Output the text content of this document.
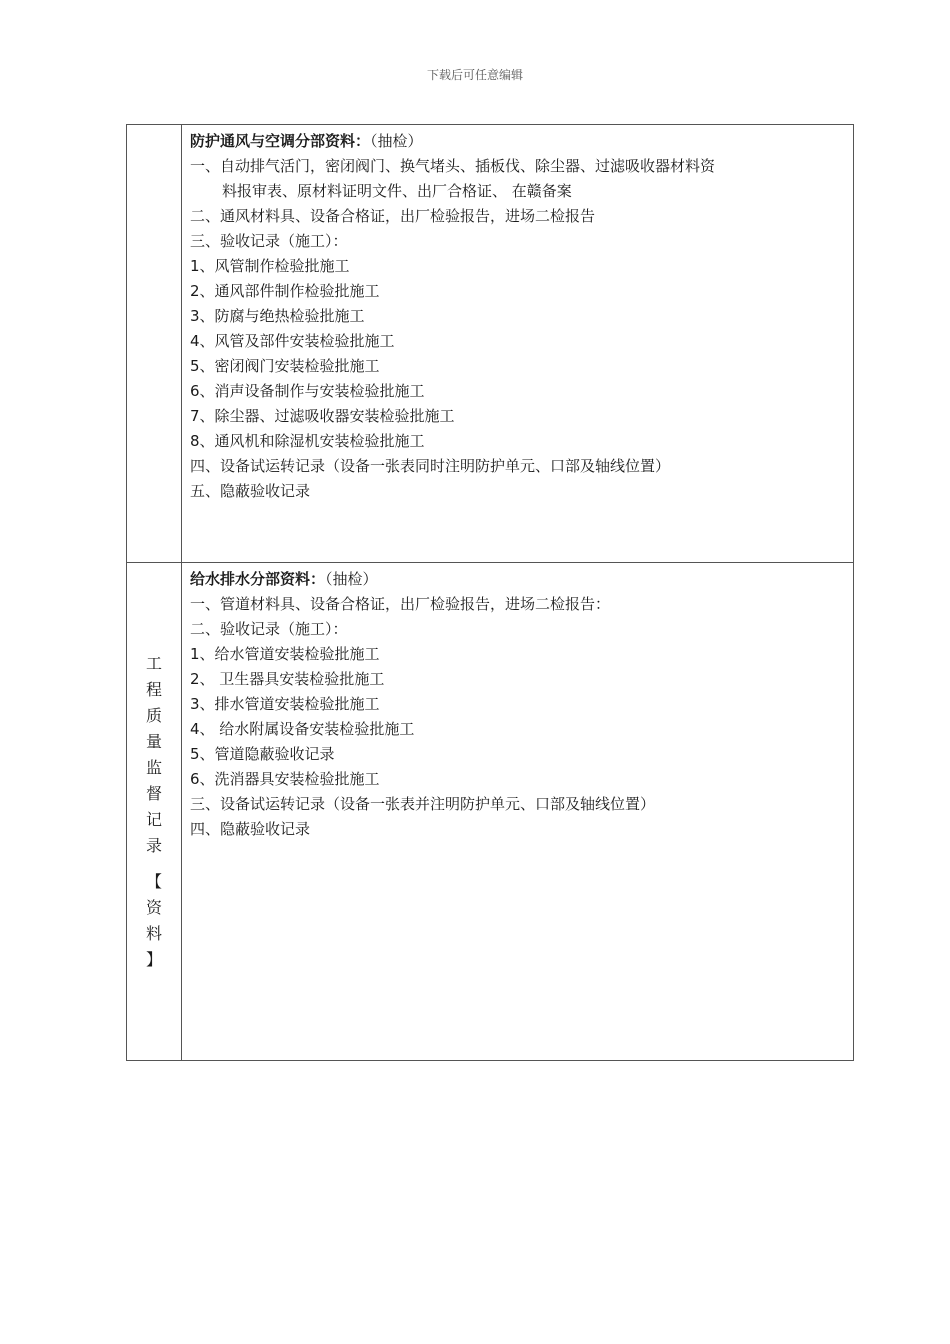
下载后可任意编辑
防护通风与空调分部资料：（抽检）
一、自动排气活门，密闭阀门、换气堵头、插板伐、除尘器、过滤吸收器材料资
料报审表、原材料证明文件、出厂合格证、 在赣备案
二、通风材料具、设备合格证，出厂检验报告，进场二检报告
三、验收记录（施工）：
1、风管制作检验批施工
2、通风部件制作检验批施工
3、防腐与绝热检验批施工
4、风管及部件安装检验批施工
5、密闭阀门安装检验批施工
6、消声设备制作与安装检验批施工
7、除尘器、过滤吸收器安装检验批施工
8、通风机和除湿机安装检验批施工
四、设备试运转记录（设备一张表同时注明防护单元、口部及轴线位置）
五、隐蔽验收记录
工
程
质
量
监
督
记
录
【
资
料
】
给水排水分部资料：（抽检）
一、管道材料具、设备合格证，出厂检验报告，进场二检报告：
二、验收记录（施工）：
1、给水管道安装检验批施工
2、 卫生器具安装检验批施工
3、排水管道安装检验批施工
4、 给水附属设备安装检验批施工
5、管道隐蔽验收记录
6、洗消器具安装检验批施工
三、设备试运转记录（设备一张表并注明防护单元、口部及轴线位置）
四、隐蔽验收记录
